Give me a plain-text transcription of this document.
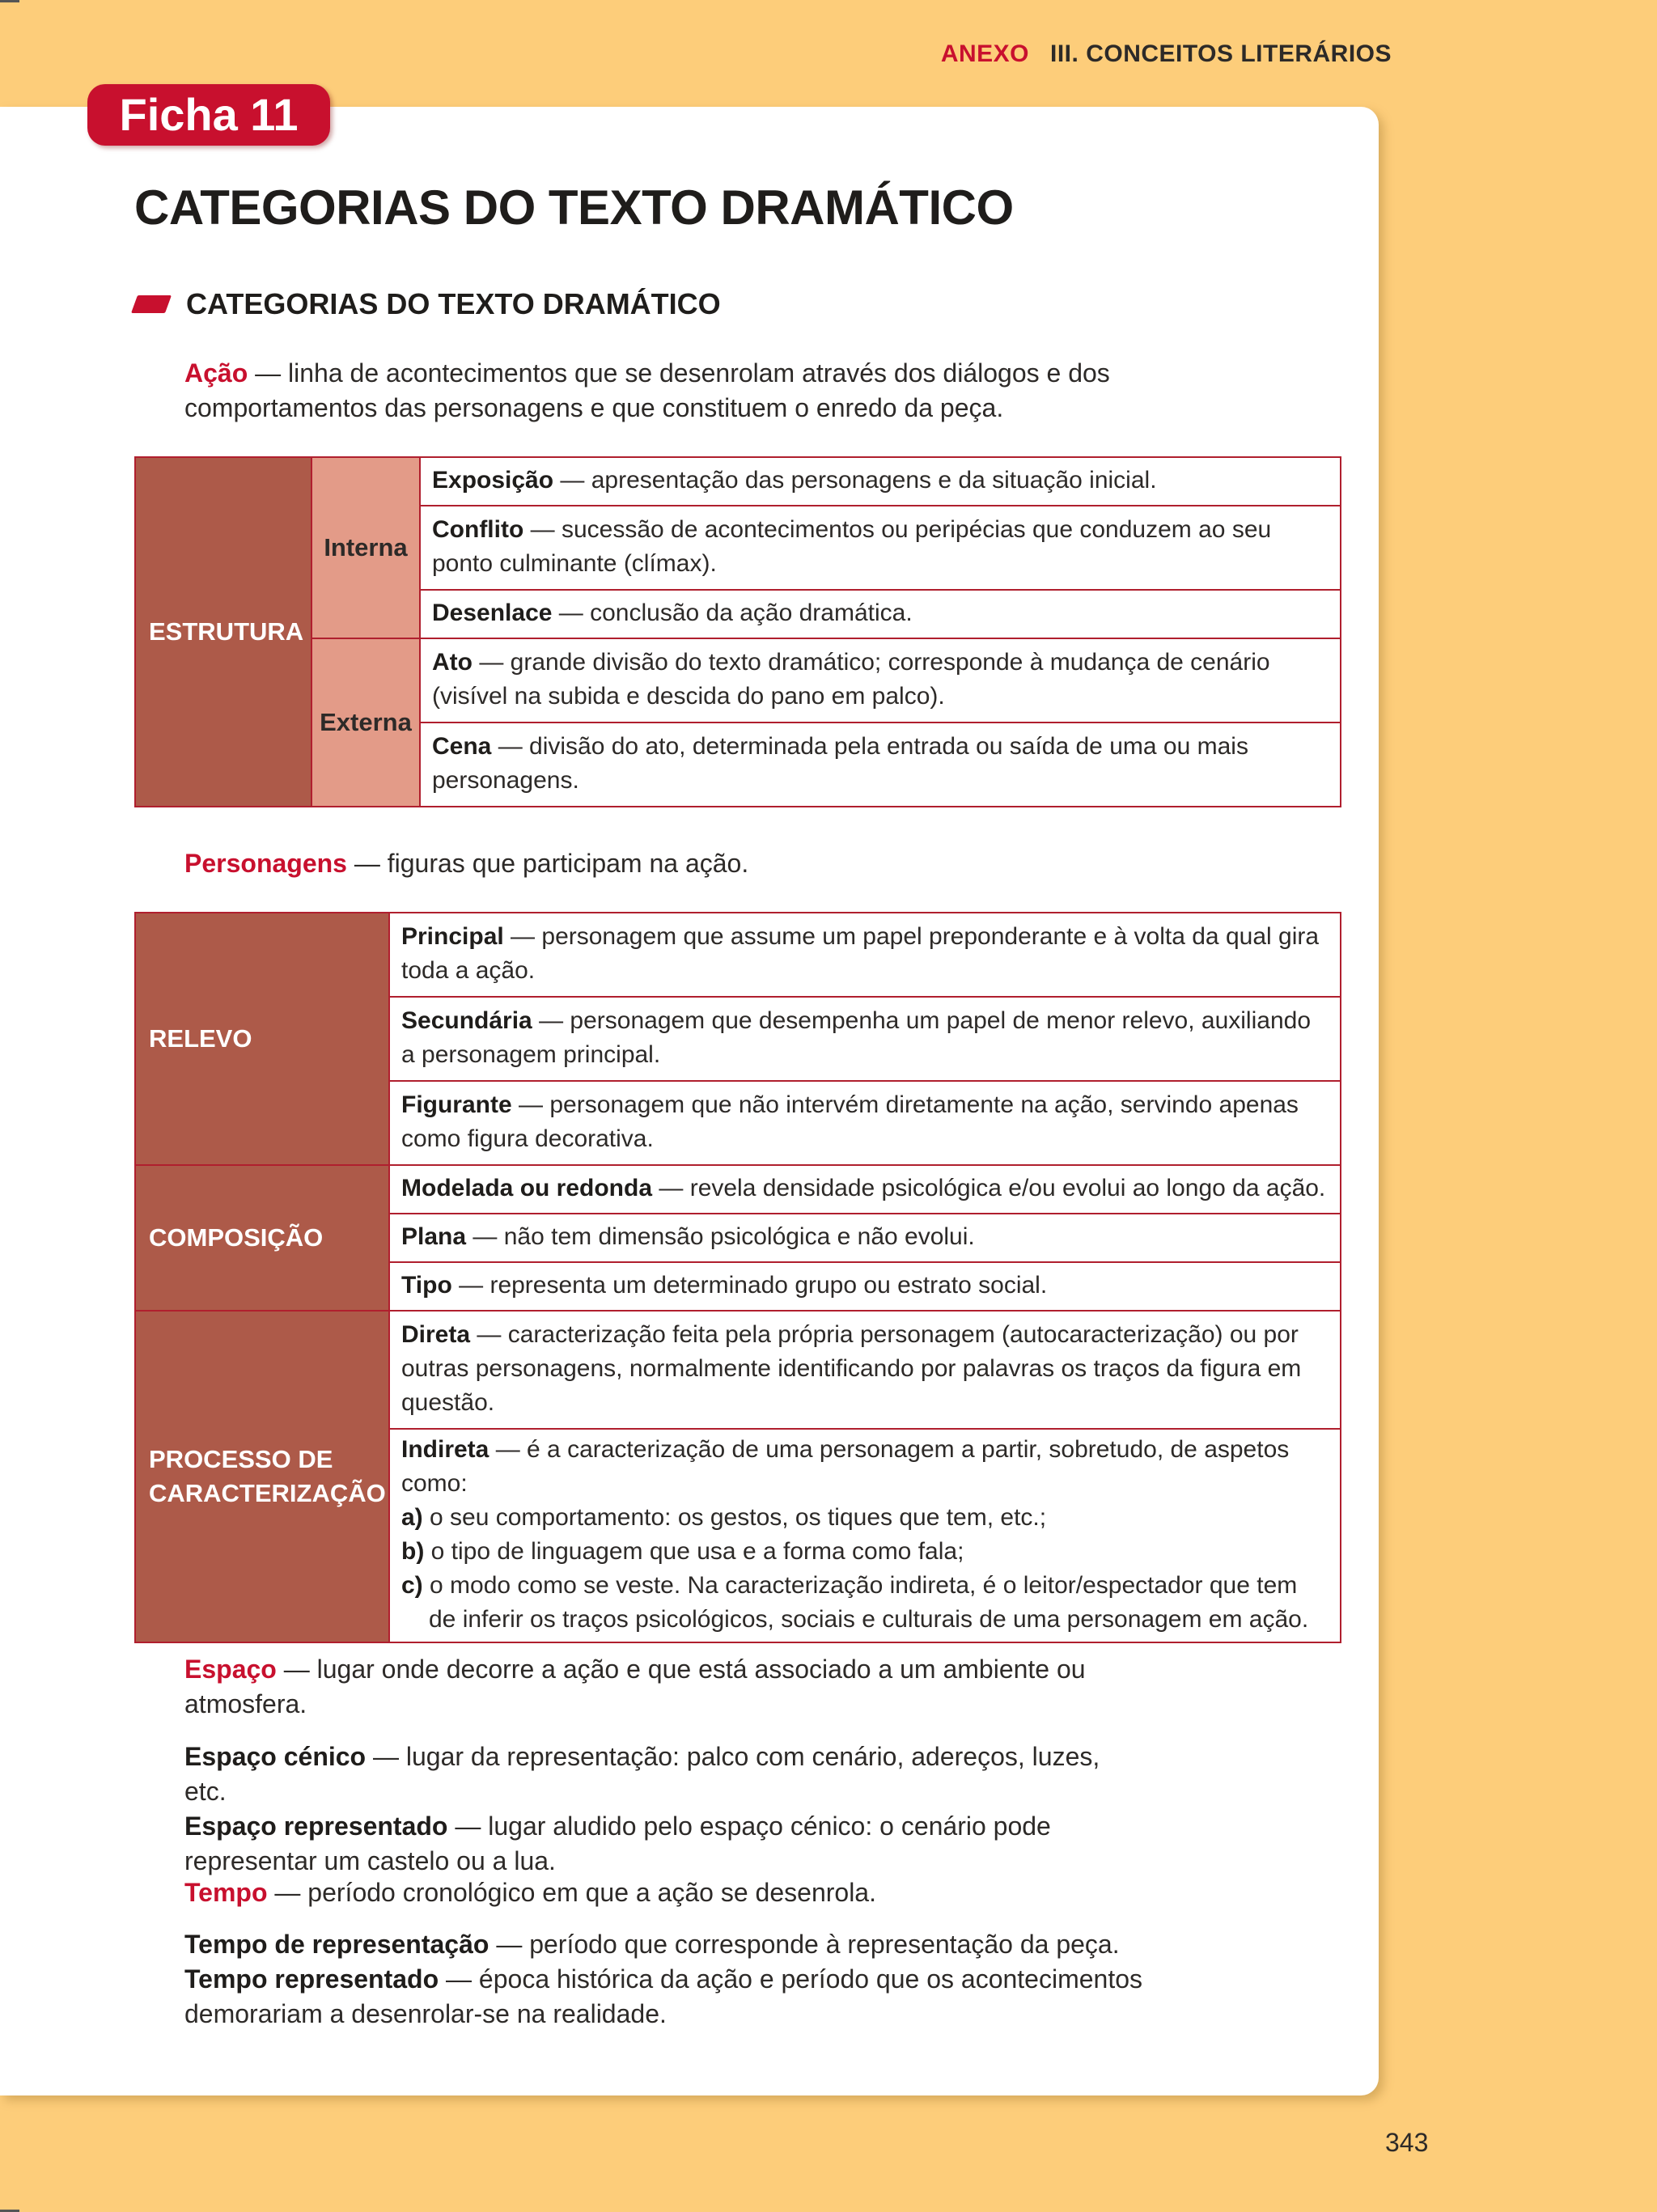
ANEXO III. CONCEITOS LITERÁRIOS
Ficha 11
CATEGORIAS DO TEXTO DRAMÁTICO
CATEGORIAS DO TEXTO DRAMÁTICO
Ação — linha de acontecimentos que se desenrolam através dos diálogos e dos comportamentos das personagens e que constituem o enredo da peça.
ESTRUTURA	Interna	Exposição — apresentação das personagens e da situação inicial.
		Conflito — sucessão de acontecimentos ou peripécias que conduzem ao seu ponto culminante (clímax).
		Desenlace — conclusão da ação dramática.
	Externa	Ato — grande divisão do texto dramático; corresponde à mudança de cenário (visível na subida e descida do pano em palco).
		Cena — divisão do ato, determinada pela entrada ou saída de uma ou mais personagens.
Personagens — figuras que participam na ação.
RELEVO	Principal — personagem que assume um papel preponderante e à volta da qual gira toda a ação.
	Secundária — personagem que desempenha um papel de menor relevo, auxiliando a personagem principal.
	Figurante — personagem que não intervém diretamente na ação, servindo apenas como figura decorativa.
COMPOSIÇÃO	Modelada ou redonda — revela densidade psicológica e/ou evolui ao longo da ação.
	Plana — não tem dimensão psicológica e não evolui.
	Tipo — representa um determinado grupo ou estrato social.
PROCESSO DE CARACTERIZAÇÃO	Direta — caracterização feita pela própria personagem (autocaracterização) ou por outras personagens, normalmente identificando por palavras os traços da figura em questão.
	Indireta — é a caracterização de uma personagem a partir, sobretudo, de aspetos como:
a) o seu comportamento: os gestos, os tiques que tem, etc.;
b) o tipo de linguagem que usa e a forma como fala;
c) o modo como se veste. Na caracterização indireta, é o leitor/espectador que tem
de inferir os traços psicológicos, sociais e culturais de uma personagem em ação.
Espaço — lugar onde decorre a ação e que está associado a um ambiente ou atmosfera.
Espaço cénico — lugar da representação: palco com cenário, adereços, luzes, etc.
Espaço representado — lugar aludido pelo espaço cénico: o cenário pode representar um castelo ou a lua.
Tempo — período cronológico em que a ação se desenrola.
Tempo de representação — período que corresponde à representação da peça.
Tempo representado — época histórica da ação e período que os acontecimentos demorariam a desenrolar-se na realidade.
343
